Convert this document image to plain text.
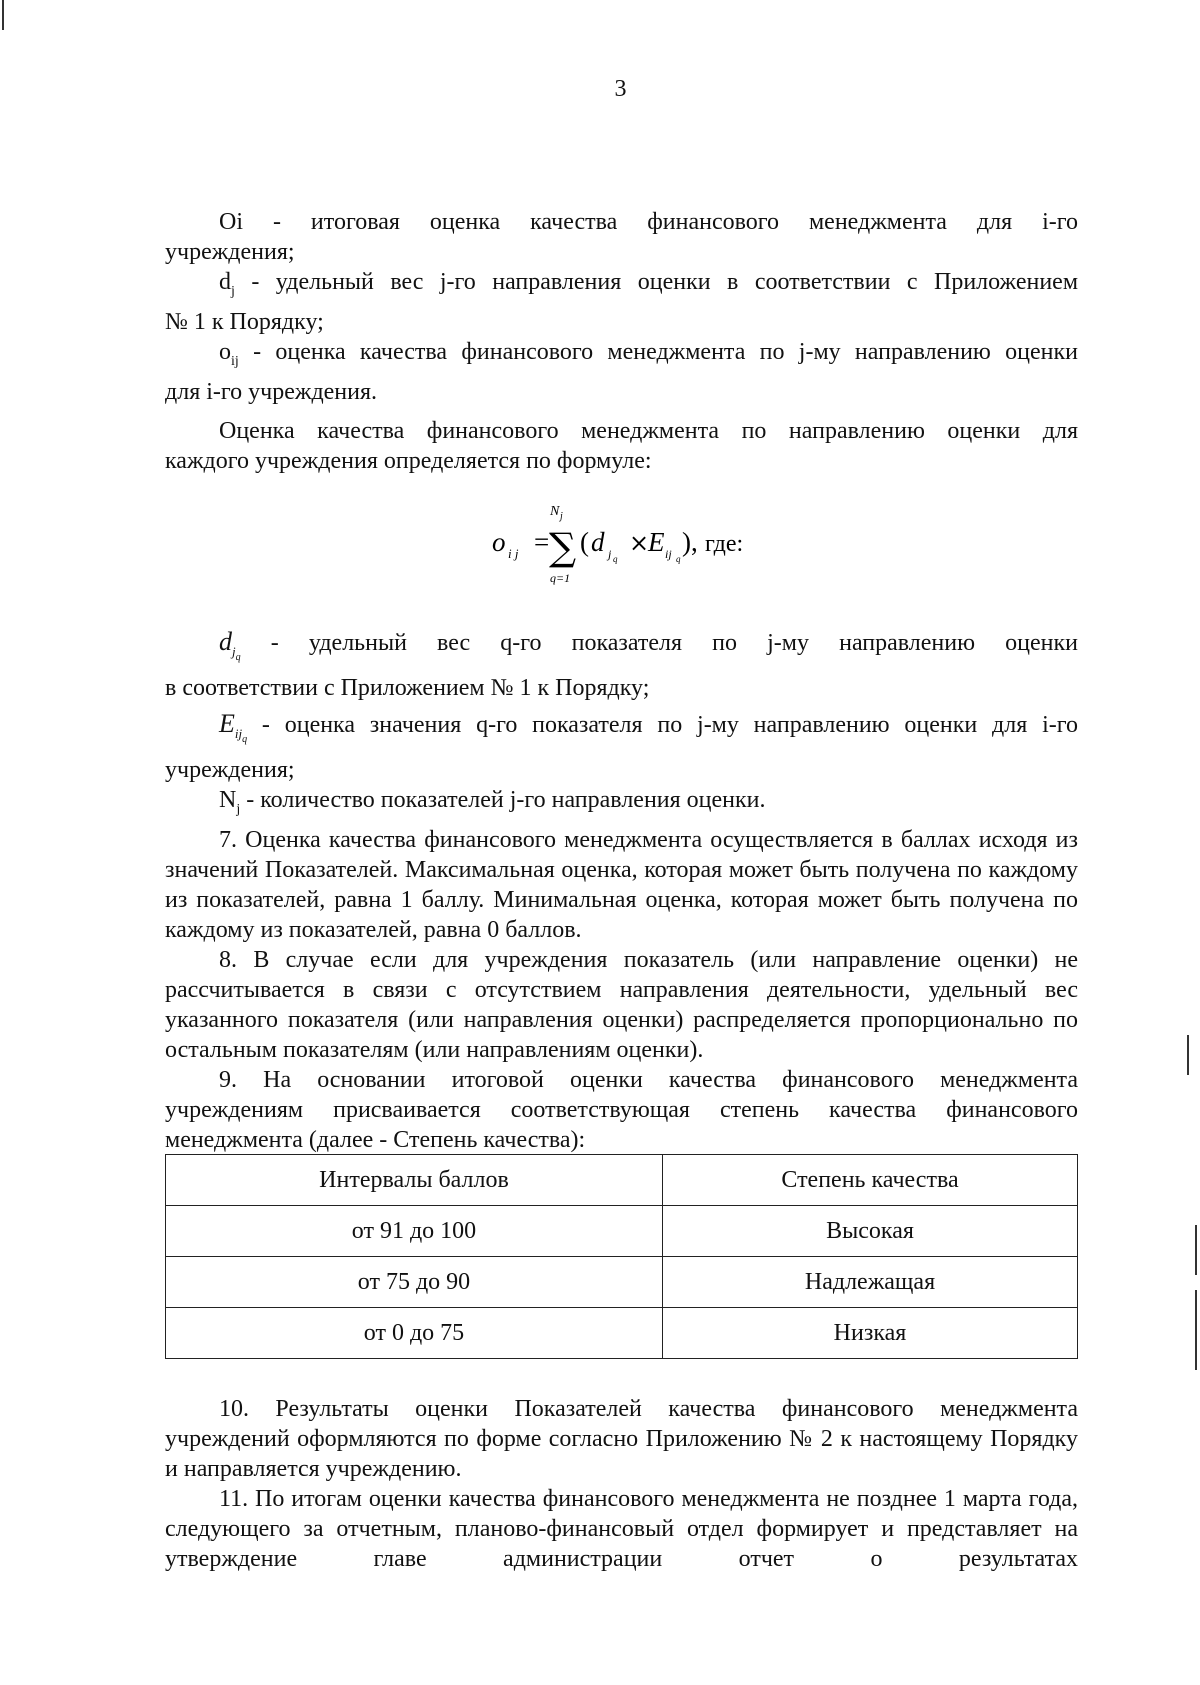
3

Oi - итоговая оценка качества финансового менеджмента для i-го

учреждения;

$d_j$ - удельный вес j-го направления оценки в соответствии с Приложением

№ 1 к Порядку;

$o_{ij}$ - оценка качества финансового менеджмента по j-му направлению оценки

для i-го учреждения.

Оценка качества финансового менеджмента по направлению оценки для

каждого учреждения определяется по формуле:

o i j =
N j
∑
q=1
( d j q
×
E ij q
), где:

$d_{jq}$ - удельный вес q-го показателя по j-му направлению оценки

в соответствии с Приложением № 1 к Порядку;

$E_{ijq}$ - оценка значения q-го показателя по j-му направлению оценки для i-го

учреждения;

$N_j$ - количество показателей j-го направления оценки.

7. Оценка качества финансового менеджмента осуществляется в баллах исходя из значений Показателей. Максимальная оценка, которая может быть получена по каждому из показателей, равна 1 баллу. Минимальная оценка, которая может быть получена по каждому из показателей, равна 0 баллов.

8. В случае если для учреждения показатель (или направление оценки) не рассчитывается в связи с отсутствием направления деятельности, удельный вес указанного показателя (или направления оценки) распределяется пропорционально по остальным показателям (или направлениям оценки).

9. На основании итоговой оценки качества финансового менеджмента учреждениям присваивается соответствующая степень качества финансового менеджмента (далее - Степень качества):

Интервалы баллов	Степень качества
от 91 до 100	Высокая
от 75 до 90	Надлежащая
от 0 до 75	Низкая

10. Результаты оценки Показателей качества финансового менеджмента учреждений оформляются по форме согласно Приложению № 2 к настоящему Порядку и направляется учреждению.

11. По итогам оценки качества финансового менеджмента не позднее 1 марта года, следующего за отчетным, планово-финансовый отдел формирует и представляет на утверждение главе администрации отчет о результатах
